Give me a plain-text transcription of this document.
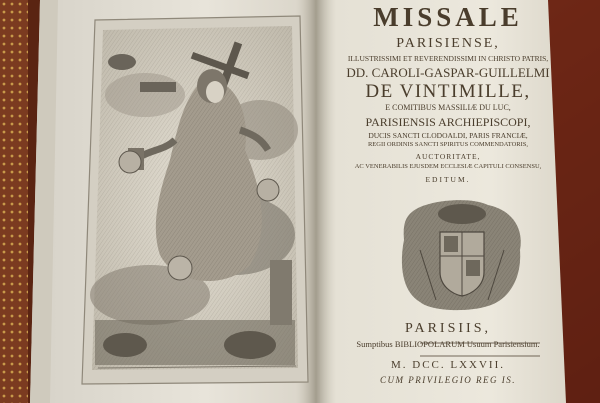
MISSALE

PARISIENSE,

ILLUSTRISSIMI ET REVERENDISSIMI IN CHRISTO PATRIS,

DD. CAROLI-GASPAR-GUILLELMI

DE VINTIMILLE,

E COMITIBUS MASSILIÆ DU LUC,

PARISIENSIS ARCHIEPISCOPI,

DUCIS SANCTI CLODOALDI, PARIS FRANCIÆ,

REGII ORDINIS SANCTI SPIRITUS COMMENDATORIS,

AUCTORITATE,

AC VENERABILIS EJUSDEM ECCLESIÆ CAPITULI CONSENSU,

EDITUM.

PARISIIS,

Sumptibus BIBLIOPOLARUM Usuum Parisiensium.

M. DCC. LXXVII.

CUM PRIVILEGIO REG IS.
